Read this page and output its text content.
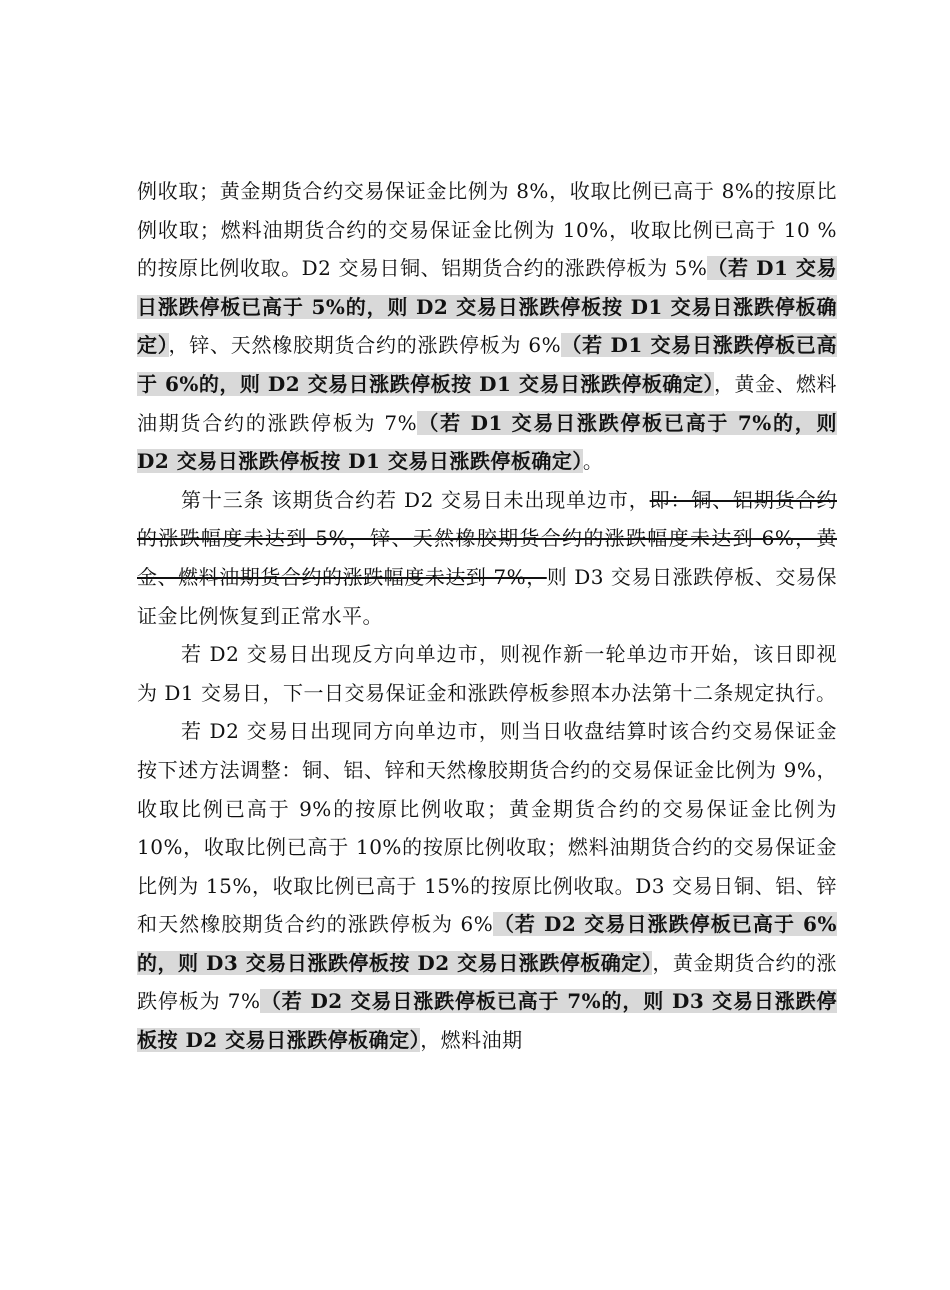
例收取；黄金期货合约交易保证金比例为 8%，收取比例已高于 8%的按原比例收取；燃料油期货合约的交易保证金比例为 10%，收取比例已高于 10 %的按原比例收取。D2 交易日铜、铝期货合约的涨跌停板为 5%（若 D1 交易日涨跌停板已高于 5%的，则 D2 交易日涨跌停板按 D1 交易日涨跌停板确定），锌、天然橡胶期货合约的涨跌停板为 6%（若 D1 交易日涨跌停板已高于 6%的，则 D2 交易日涨跌停板按 D1 交易日涨跌停板确定），黄金、燃料油期货合约的涨跌停板为 7%（若 D1 交易日涨跌停板已高于 7%的，则 D2 交易日涨跌停板按 D1 交易日涨跌停板确定）。

第十三条 该期货合约若 D2 交易日未出现单边市，即：铜、铝期货合约的涨跌幅度未达到 5%，锌、天然橡胶期货合约的涨跌幅度未达到 6%，黄金、燃料油期货合约的涨跌幅度未达到 7%，则 D3 交易日涨跌停板、交易保证金比例恢复到正常水平。

若 D2 交易日出现反方向单边市，则视作新一轮单边市开始，该日即视为 D1 交易日，下一日交易保证金和涨跌停板参照本办法第十二条规定执行。

若 D2 交易日出现同方向单边市，则当日收盘结算时该合约交易保证金按下述方法调整：铜、铝、锌和天然橡胶期货合约的交易保证金比例为 9%，收取比例已高于 9%的按原比例收取；黄金期货合约的交易保证金比例为 10%，收取比例已高于 10%的按原比例收取；燃料油期货合约的交易保证金比例为 15%，收取比例已高于 15%的按原比例收取。D3 交易日铜、铝、锌和天然橡胶期货合约的涨跌停板为 6%（若 D2 交易日涨跌停板已高于 6%的，则 D3 交易日涨跌停板按 D2 交易日涨跌停板确定），黄金期货合约的涨跌停板为 7%（若 D2 交易日涨跌停板已高于 7%的，则 D3 交易日涨跌停板按 D2 交易日涨跌停板确定），燃料油期
